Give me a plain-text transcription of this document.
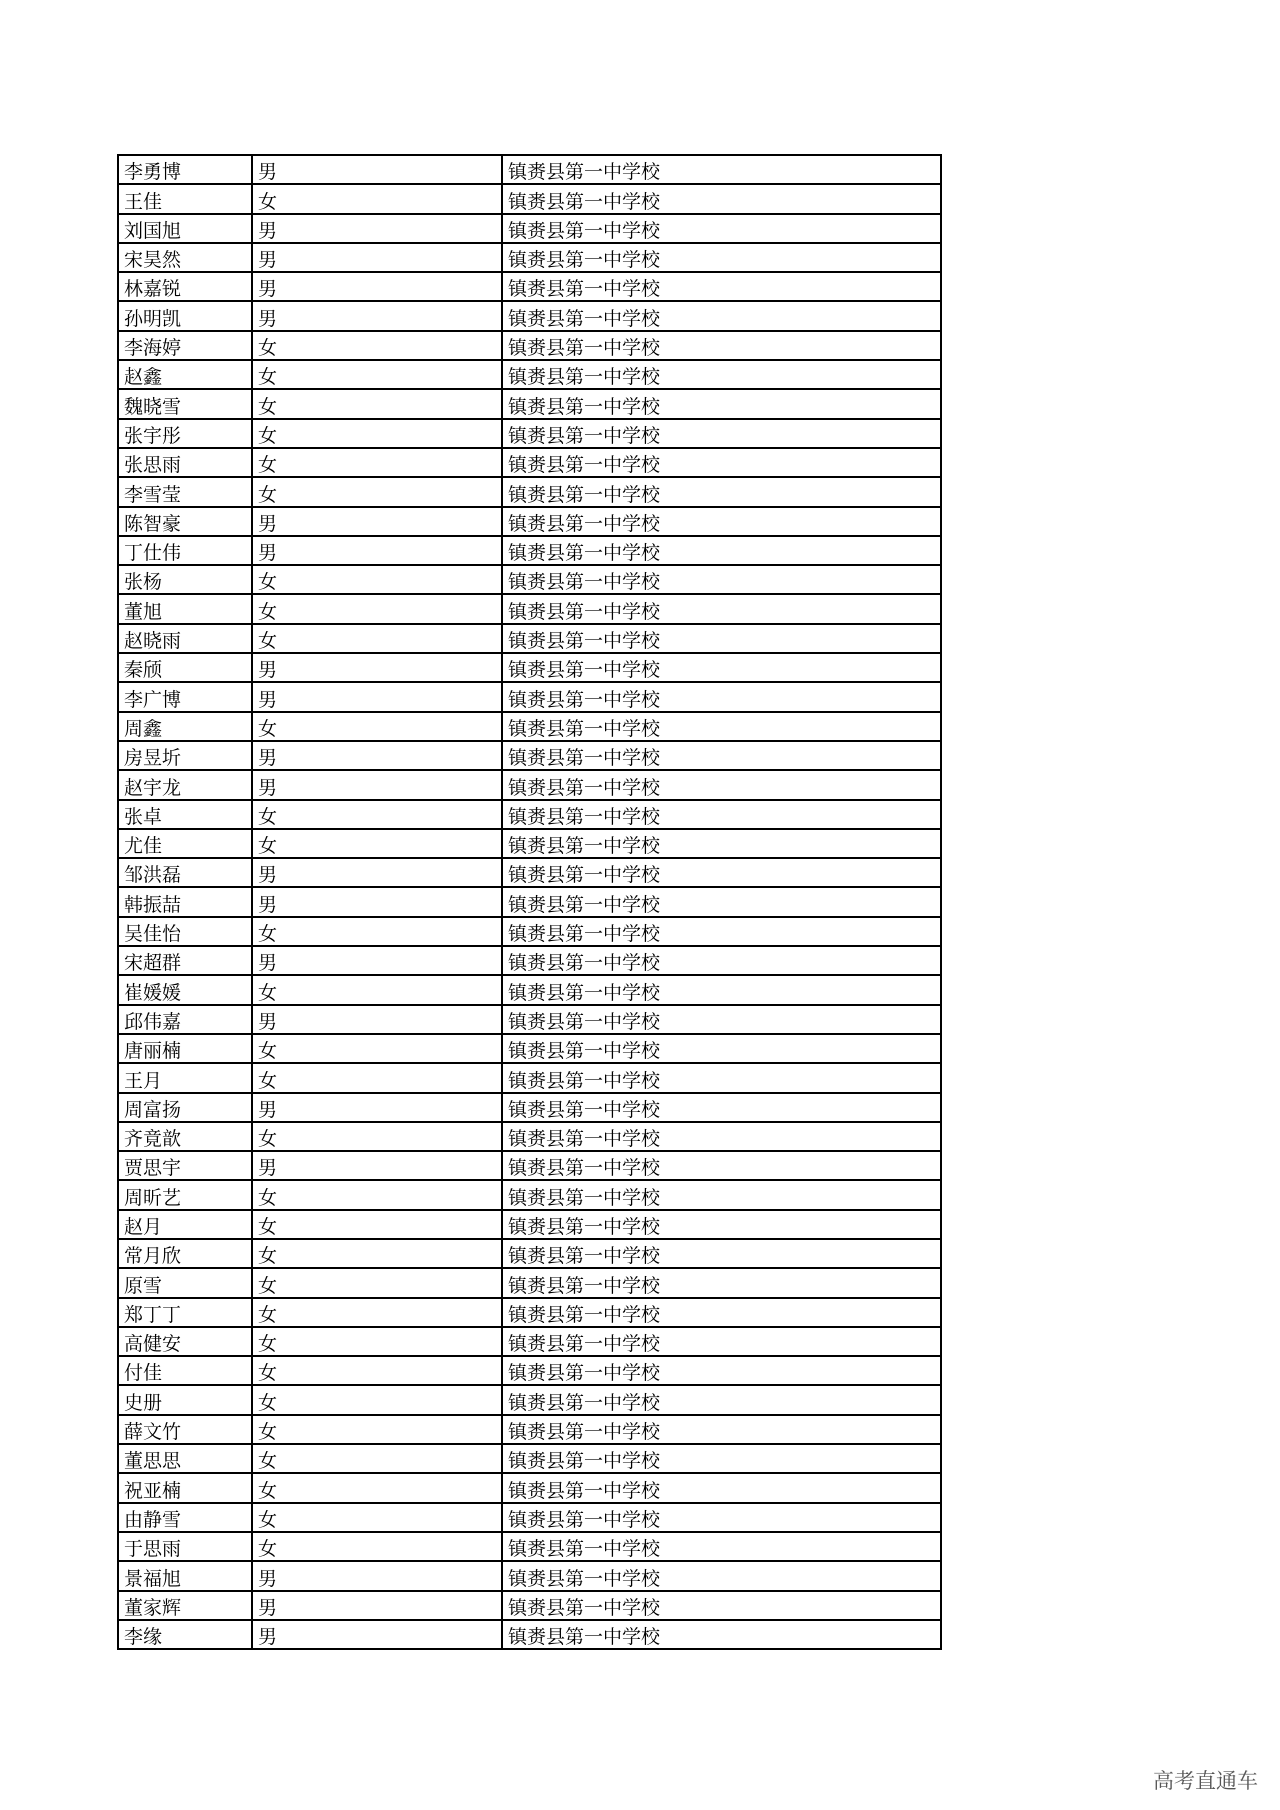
李勇博	男	镇赉县第一中学校
王佳	女	镇赉县第一中学校
刘国旭	男	镇赉县第一中学校
宋昊然	男	镇赉县第一中学校
林嘉锐	男	镇赉县第一中学校
孙明凯	男	镇赉县第一中学校
李海婷	女	镇赉县第一中学校
赵鑫	女	镇赉县第一中学校
魏晓雪	女	镇赉县第一中学校
张宇彤	女	镇赉县第一中学校
张思雨	女	镇赉县第一中学校
李雪莹	女	镇赉县第一中学校
陈智豪	男	镇赉县第一中学校
丁仕伟	男	镇赉县第一中学校
张杨	女	镇赉县第一中学校
董旭	女	镇赉县第一中学校
赵晓雨	女	镇赉县第一中学校
秦颀	男	镇赉县第一中学校
李广博	男	镇赉县第一中学校
周鑫	女	镇赉县第一中学校
房昱圻	男	镇赉县第一中学校
赵宇龙	男	镇赉县第一中学校
张卓	女	镇赉县第一中学校
尤佳	女	镇赉县第一中学校
邹洪磊	男	镇赉县第一中学校
韩振喆	男	镇赉县第一中学校
吴佳怡	女	镇赉县第一中学校
宋超群	男	镇赉县第一中学校
崔媛媛	女	镇赉县第一中学校
邱伟嘉	男	镇赉县第一中学校
唐丽楠	女	镇赉县第一中学校
王月	女	镇赉县第一中学校
周富扬	男	镇赉县第一中学校
齐竟歆	女	镇赉县第一中学校
贾思宇	男	镇赉县第一中学校
周昕艺	女	镇赉县第一中学校
赵月	女	镇赉县第一中学校
常月欣	女	镇赉县第一中学校
原雪	女	镇赉县第一中学校
郑丁丁	女	镇赉县第一中学校
高健安	女	镇赉县第一中学校
付佳	女	镇赉县第一中学校
史册	女	镇赉县第一中学校
薛文竹	女	镇赉县第一中学校
董思思	女	镇赉县第一中学校
祝亚楠	女	镇赉县第一中学校
由静雪	女	镇赉县第一中学校
于思雨	女	镇赉县第一中学校
景福旭	男	镇赉县第一中学校
董家辉	男	镇赉县第一中学校
李缘	男	镇赉县第一中学校
高考直通车
